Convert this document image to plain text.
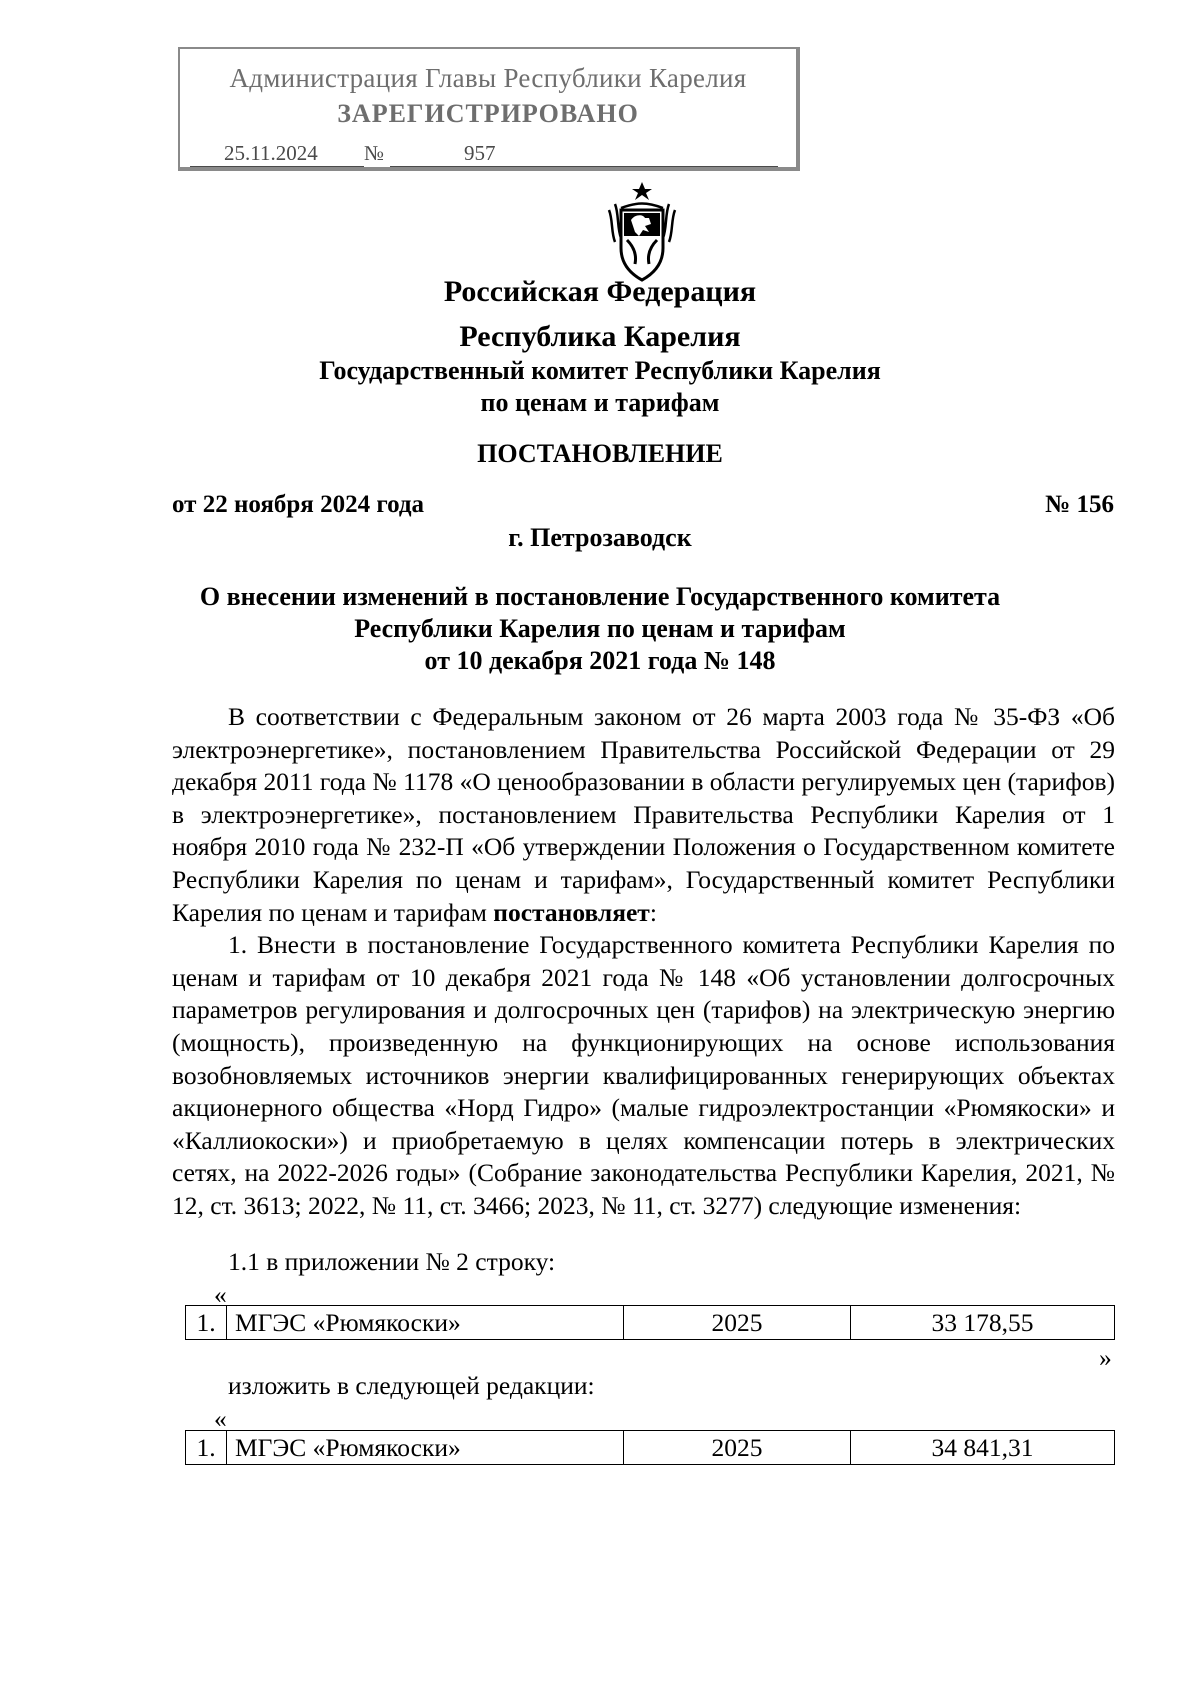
Администрация Главы Республики Карелия
ЗАРЕГИСТРИРОВАНО
25.11.2024 №	957
Российская Федерация
Республика Карелия
Государственный комитет Республики Карелия
по ценам и тарифам
ПОСТАНОВЛЕНИЕ
от 22 ноября 2024 года	№ 156
г. Петрозаводск
О внесении изменений в постановление Государственного комитета
Республики Карелия по ценам и тарифам
от 10 декабря 2021 года № 148

В соответствии с Федеральным законом от 26 марта 2003 года № 35-ФЗ «Об электроэнергетике», постановлением Правительства Российской Федерации от 29 декабря 2011 года № 1178 «О ценообразовании в области регулируемых цен (тарифов) в электроэнергетике», постановлением Правительства Республики Карелия от 1 ноября 2010 года № 232-П «Об утверждении Положения о Государственном комитете Республики Карелия по ценам и тарифам», Государственный комитет Республики Карелия по ценам и тарифам постановляет:

1. Внести в постановление Государственного комитета Республики Карелия по ценам и тарифам от 10 декабря 2021 года № 148 «Об установлении долгосрочных параметров регулирования и долгосрочных цен (тарифов) на электрическую энергию (мощность), произведенную на функционирующих на основе использования возобновляемых источников энергии квалифицированных генерирующих объектах акционерного общества «Норд Гидро» (малые гидроэлектростанции «Рюмякоски» и «Каллиокоски») и приобретаемую в целях компенсации потерь в электрических сетях, на 2022-2026 годы» (Собрание законодательства Республики Карелия, 2021, № 12, ст. 3613; 2022, № 11, ст. 3466; 2023, № 11, ст. 3277) следующие изменения:

1.1 в приложении № 2 строку:
«
1.	МГЭС «Рюмякоски»	2025	33 178,55
»
изложить в следующей редакции:
«
1.	МГЭС «Рюмякоски»	2025	34 841,31
